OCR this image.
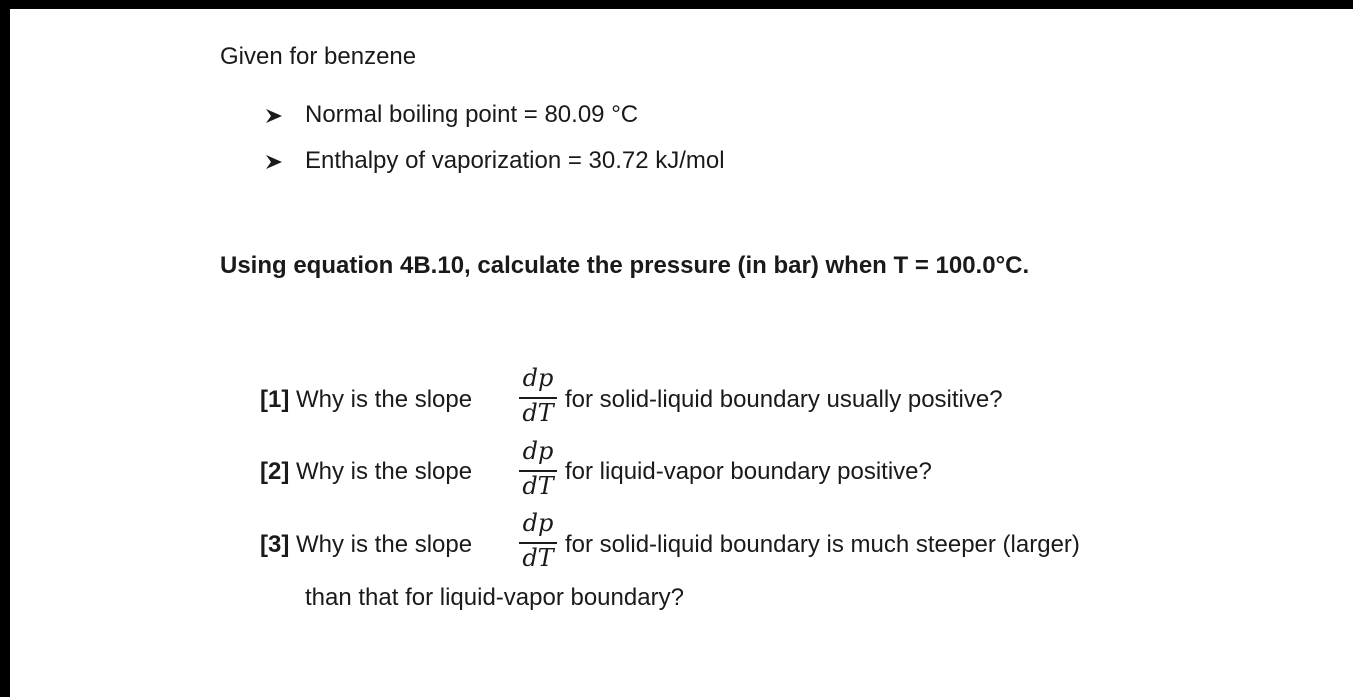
Given for benzene
Normal boiling point = 80.09 °C
Enthalpy of vaporization = 30.72 kJ/mol
Using equation 4B.10, calculate the pressure (in bar) when T = 100.0°C.
[1] Why is the slope
dp
dT for solid-liquid boundary usually positive?
[2] Why is the slope
dp
dT
for liquid-vapor boundary positive?
[3] Why is the slope
dp
dT for solid-liquid boundary is much steeper (larger)
than that for liquid-vapor boundary?
